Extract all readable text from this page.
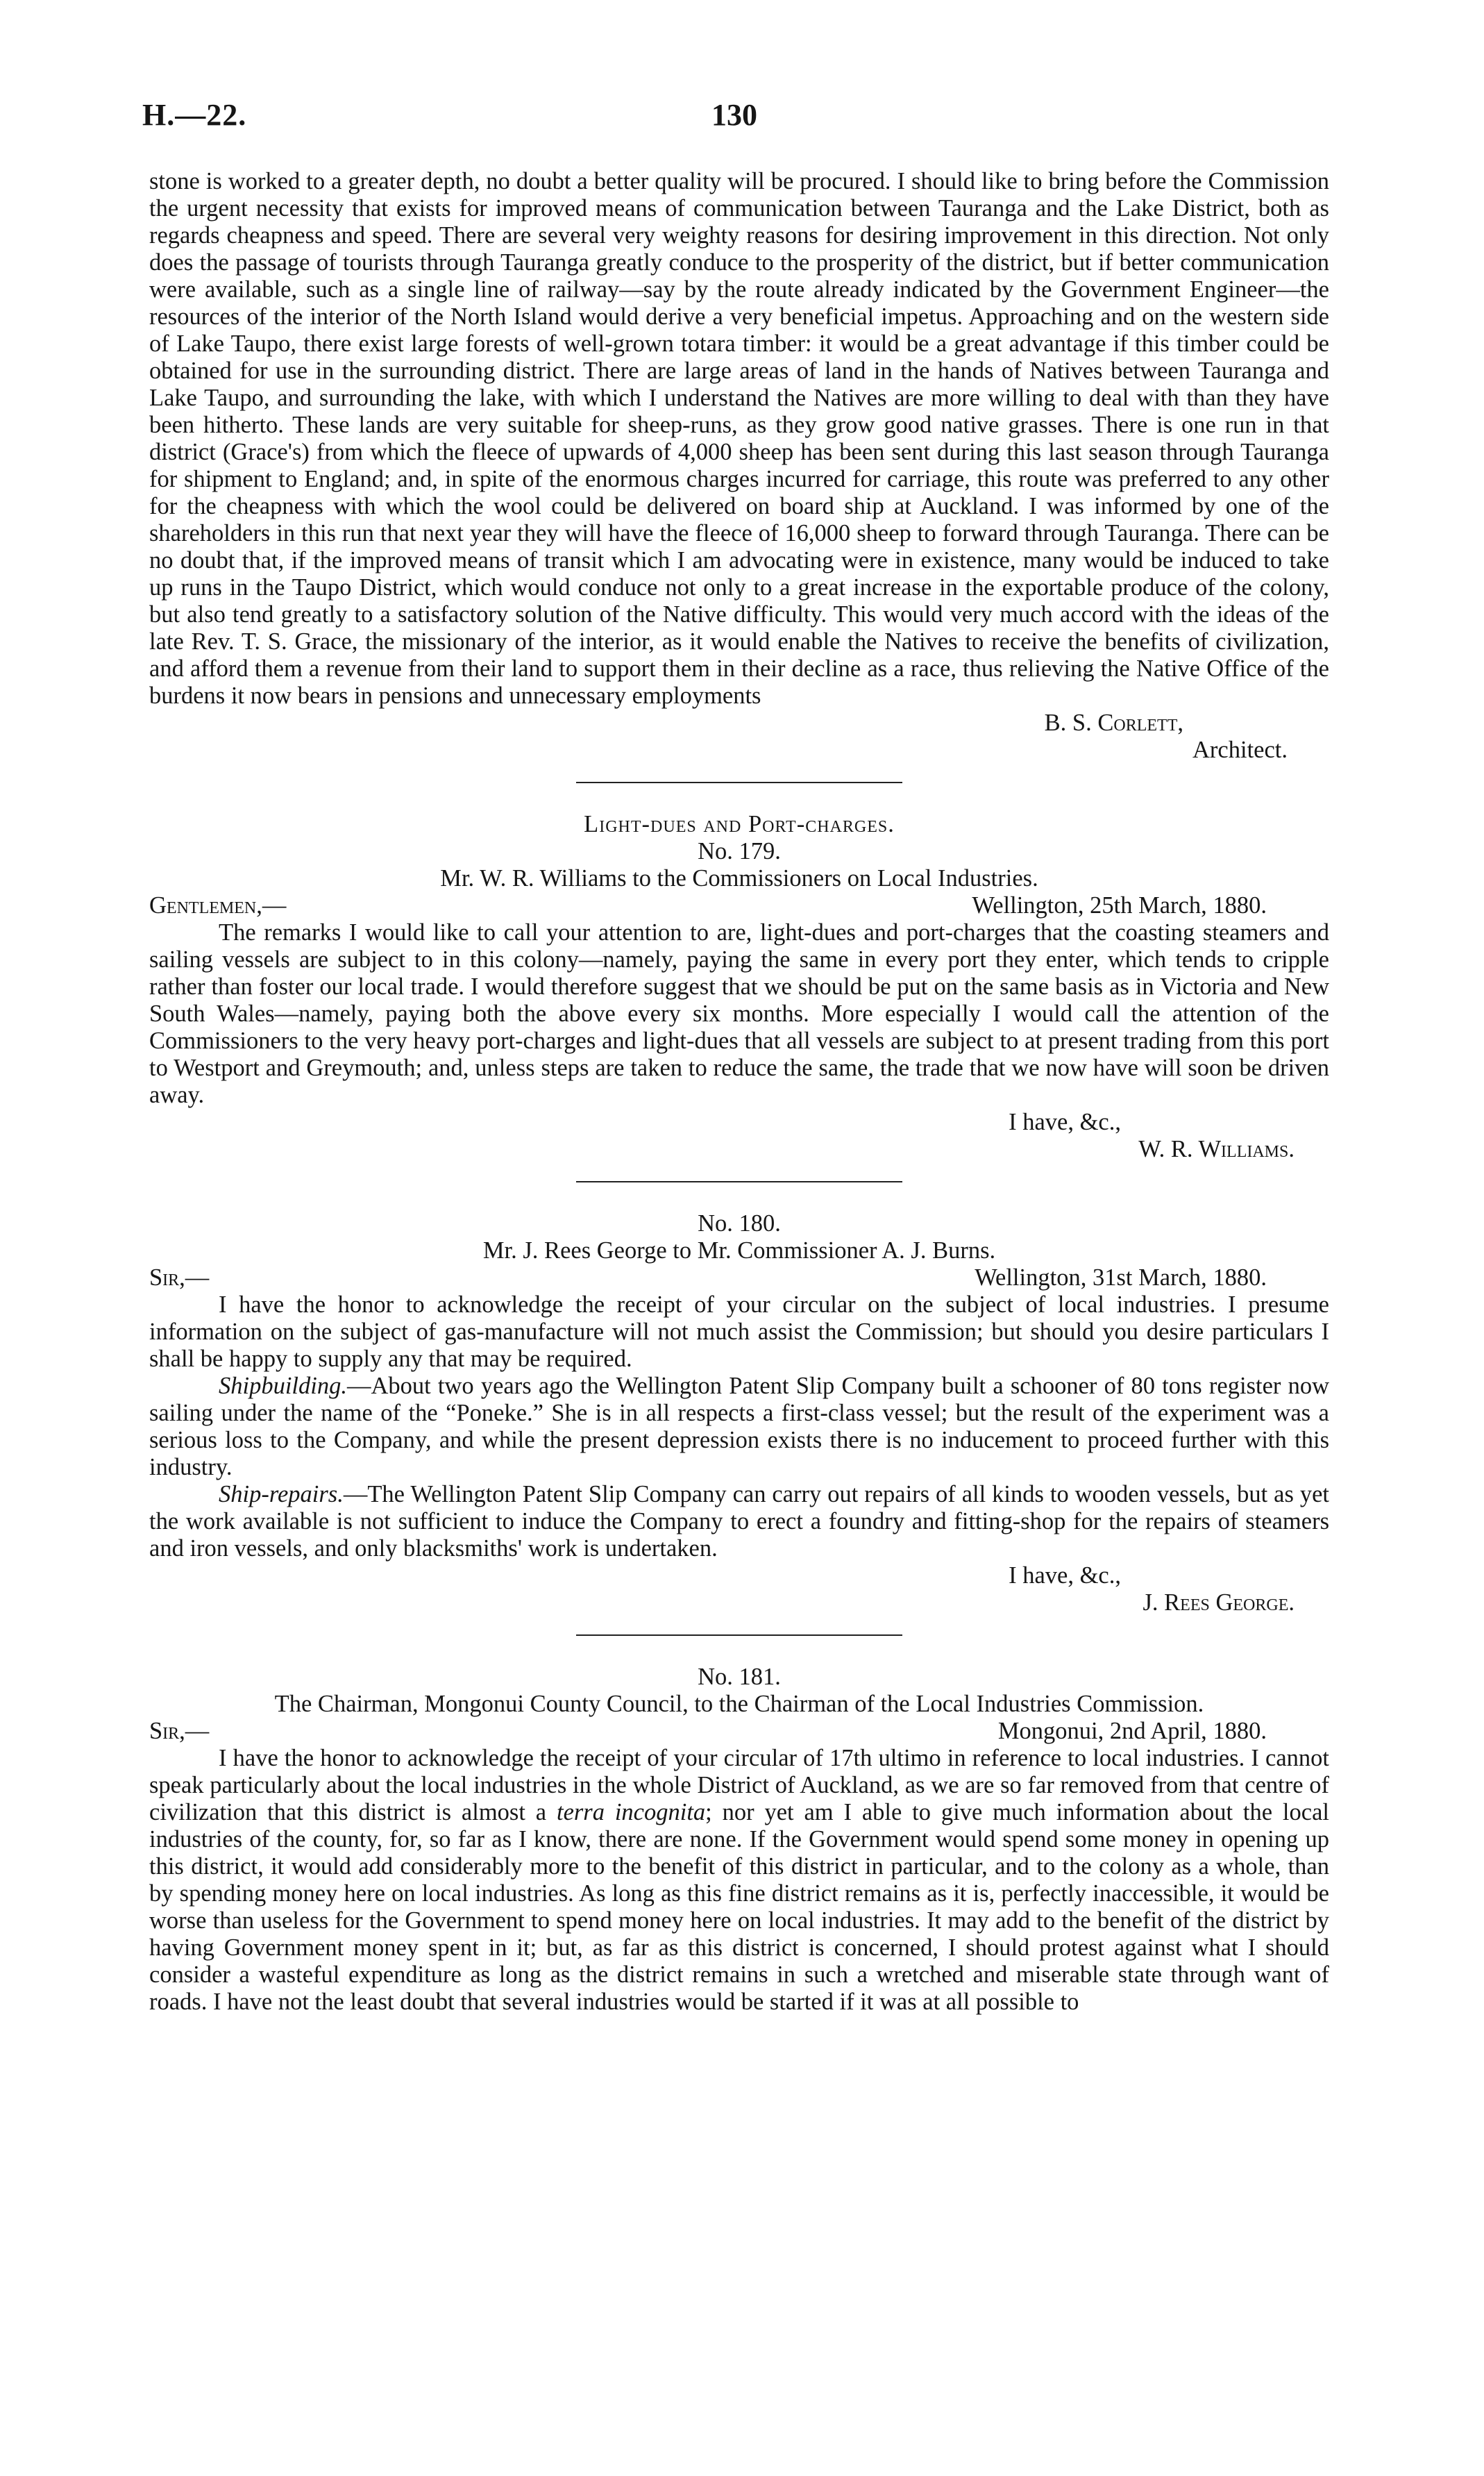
H.—22.	130

stone is worked to a greater depth, no doubt a better quality will be procured. I should like to bring before the Commission the urgent necessity that exists for improved means of communication between Tauranga and the Lake District, both as regards cheapness and speed. There are several very weighty reasons for desiring improvement in this direction. Not only does the passage of tourists through Tauranga greatly conduce to the prosperity of the district, but if better communication were available, such as a single line of railway—say by the route already indicated by the Government Engineer—the resources of the interior of the North Island would derive a very beneficial impetus. Approaching and on the western side of Lake Taupo, there exist large forests of well-grown totara timber: it would be a great advantage if this timber could be obtained for use in the surrounding district. There are large areas of land in the hands of Natives between Tauranga and Lake Taupo, and surrounding the lake, with which I understand the Natives are more willing to deal with than they have been hitherto. These lands are very suitable for sheep-runs, as they grow good native grasses. There is one run in that district (Grace's) from which the fleece of upwards of 4,000 sheep has been sent during this last season through Tauranga for shipment to England; and, in spite of the enormous charges incurred for carriage, this route was preferred to any other for the cheapness with which the wool could be delivered on board ship at Auckland. I was informed by one of the shareholders in this run that next year they will have the fleece of 16,000 sheep to forward through Tauranga. There can be no doubt that, if the improved means of transit which I am advocating were in existence, many would be induced to take up runs in the Taupo District, which would conduce not only to a great increase in the exportable produce of the colony, but also tend greatly to a satisfactory solution of the Native difficulty. This would very much accord with the ideas of the late Rev. T. S. Grace, the missionary of the interior, as it would enable the Natives to receive the benefits of civilization, and afford them a revenue from their land to support them in their decline as a race, thus relieving the Native Office of the burdens it now bears in pensions and unnecessary employments

B. S. Corlett,
Architect.
Light-dues and Port-charges.
No. 179.
Mr. W. R. Williams to the Commissioners on Local Industries.
Gentlemen,—	Wellington, 25th March, 1880.

The remarks I would like to call your attention to are, light-dues and port-charges that the coasting steamers and sailing vessels are subject to in this colony—namely, paying the same in every port they enter, which tends to cripple rather than foster our local trade. I would therefore suggest that we should be put on the same basis as in Victoria and New South Wales—namely, paying both the above every six months. More especially I would call the attention of the Commissioners to the very heavy port-charges and light-dues that all vessels are subject to at present trading from this port to Westport and Greymouth; and, unless steps are taken to reduce the same, the trade that we now have will soon be driven away.

I have, &c.,
W. R. Williams.
No. 180.
Mr. J. Rees George to Mr. Commissioner A. J. Burns.
Sir,—	Wellington, 31st March, 1880.

I have the honor to acknowledge the receipt of your circular on the subject of local industries. I presume information on the subject of gas-manufacture will not much assist the Commission; but should you desire particulars I shall be happy to supply any that may be required.

Shipbuilding.—About two years ago the Wellington Patent Slip Company built a schooner of 80 tons register now sailing under the name of the “Poneke.” She is in all respects a first-class vessel; but the result of the experiment was a serious loss to the Company, and while the present depression exists there is no inducement to proceed further with this industry.

Ship-repairs.—The Wellington Patent Slip Company can carry out repairs of all kinds to wooden vessels, but as yet the work available is not sufficient to induce the Company to erect a foundry and fitting-shop for the repairs of steamers and iron vessels, and only blacksmiths' work is undertaken.

I have, &c.,
J. Rees George.
No. 181.
The Chairman, Mongonui County Council, to the Chairman of the Local Industries Commission.
Sir,—	Mongonui, 2nd April, 1880.

I have the honor to acknowledge the receipt of your circular of 17th ultimo in reference to local industries. I cannot speak particularly about the local industries in the whole District of Auckland, as we are so far removed from that centre of civilization that this district is almost a terra incognita; nor yet am I able to give much information about the local industries of the county, for, so far as I know, there are none. If the Government would spend some money in opening up this district, it would add considerably more to the benefit of this district in particular, and to the colony as a whole, than by spending money here on local industries. As long as this fine district remains as it is, perfectly inaccessible, it would be worse than useless for the Government to spend money here on local industries. It may add to the benefit of the district by having Government money spent in it; but, as far as this district is concerned, I should protest against what I should consider a wasteful expenditure as long as the district remains in such a wretched and miserable state through want of roads. I have not the least doubt that several industries would be started if it was at all possible to
